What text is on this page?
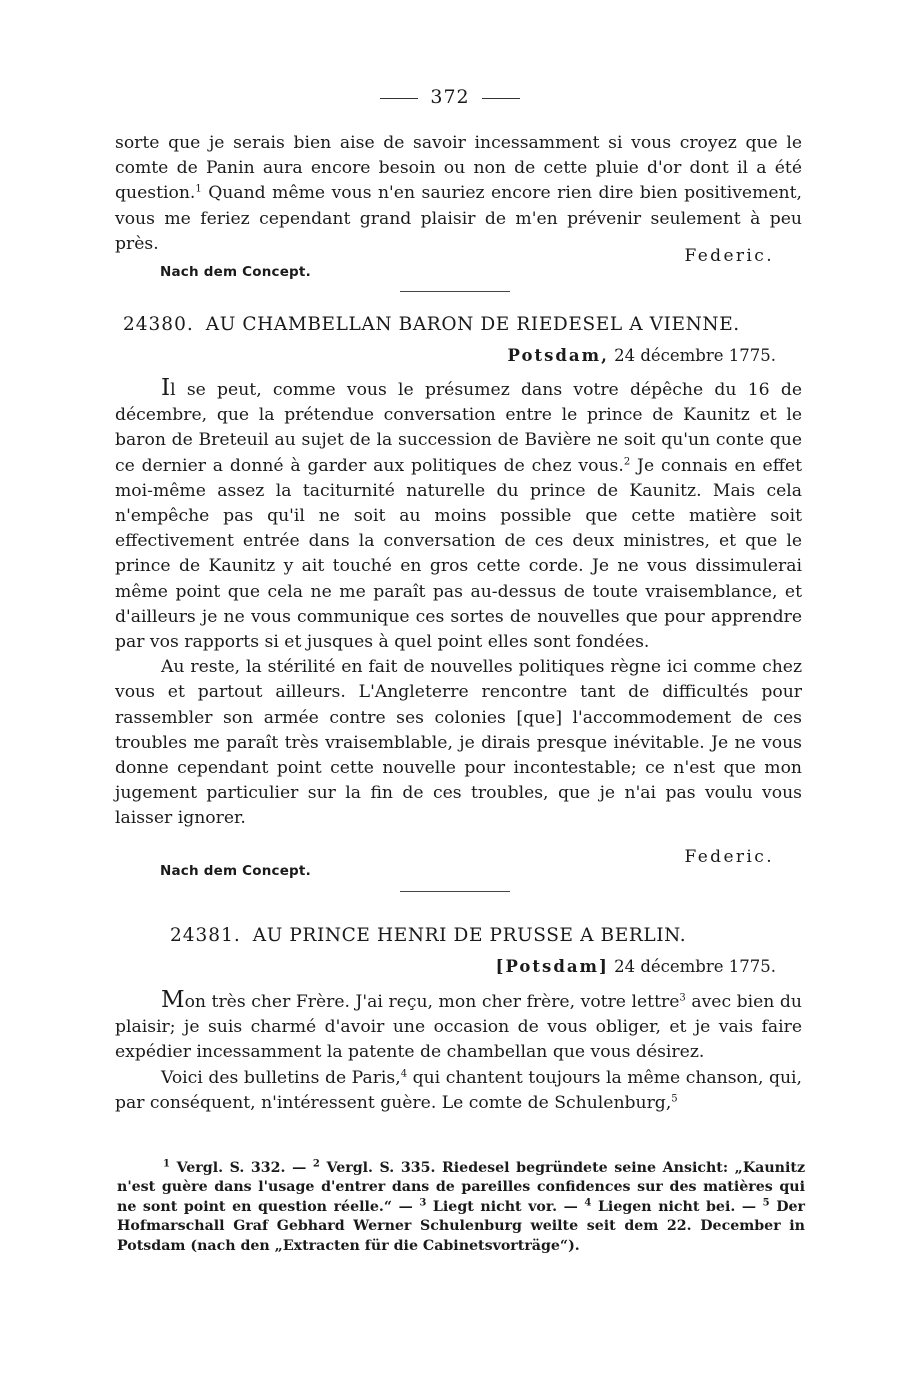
372

sorte que je serais bien aise de savoir incessamment si vous croyez que le comte de Panin aura encore besoin ou non de cette pluie d'or dont il a été question.$^1$ Quand même vous n'en sauriez encore rien dire bien positivement, vous me feriez cependant grand plaisir de m'en prévenir seulement à peu près.

Federic.
Nach dem Concept.
24380. AU CHAMBELLAN BARON DE RIEDESEL A VIENNE.
Potsdam, 24 décembre 1775.

Il se peut, comme vous le présumez dans votre dépêche du 16 de décembre, que la prétendue conversation entre le prince de Kaunitz et le baron de Breteuil au sujet de la succession de Bavière ne soit qu'un conte que ce dernier a donné à garder aux politiques de chez vous.$^2$ Je connais en effet moi-même assez la taciturnité naturelle du prince de Kaunitz. Mais cela n'empêche pas qu'il ne soit au moins possible que cette matière soit effectivement entrée dans la conversation de ces deux ministres, et que le prince de Kaunitz y ait touché en gros cette corde. Je ne vous dissimulerai même point que cela ne me paraît pas au-dessus de toute vraisemblance, et d'ailleurs je ne vous communique ces sortes de nouvelles que pour apprendre par vos rapports si et jusques à quel point elles sont fondées.

Au reste, la stérilité en fait de nouvelles politiques règne ici comme chez vous et partout ailleurs. L'Angleterre rencontre tant de difficultés pour rassembler son armée contre ses colonies [que] l'accommodement de ces troubles me paraît très vraisemblable, je dirais presque inévitable. Je ne vous donne cependant point cette nouvelle pour incontestable; ce n'est que mon jugement particulier sur la fin de ces troubles, que je n'ai pas voulu vous laisser ignorer.

Federic.
Nach dem Concept.
24381. AU PRINCE HENRI DE PRUSSE A BERLIN.
[Potsdam] 24 décembre 1775.

Mon très cher Frère. J'ai reçu, mon cher frère, votre lettre$^3$ avec bien du plaisir; je suis charmé d'avoir une occasion de vous obliger, et je vais faire expédier incessamment la patente de chambellan que vous désirez.

Voici des bulletins de Paris,$^4$ qui chantent toujours la même chanson, qui, par conséquent, n'intéressent guère. Le comte de Schulenburg,$^5$

$^1$ Vergl. S. 332. — $^2$ Vergl. S. 335. Riedesel begründete seine Ansicht: „Kaunitz n'est guère dans l'usage d'entrer dans de pareilles confidences sur des matières qui ne sont point en question réelle.“ — $^3$ Liegt nicht vor. — $^4$ Liegen nicht bei. — $^5$ Der Hofmarschall Graf Gebhard Werner Schulenburg weilte seit dem 22. December in Potsdam (nach den „Extracten für die Cabinetsvorträge“).
